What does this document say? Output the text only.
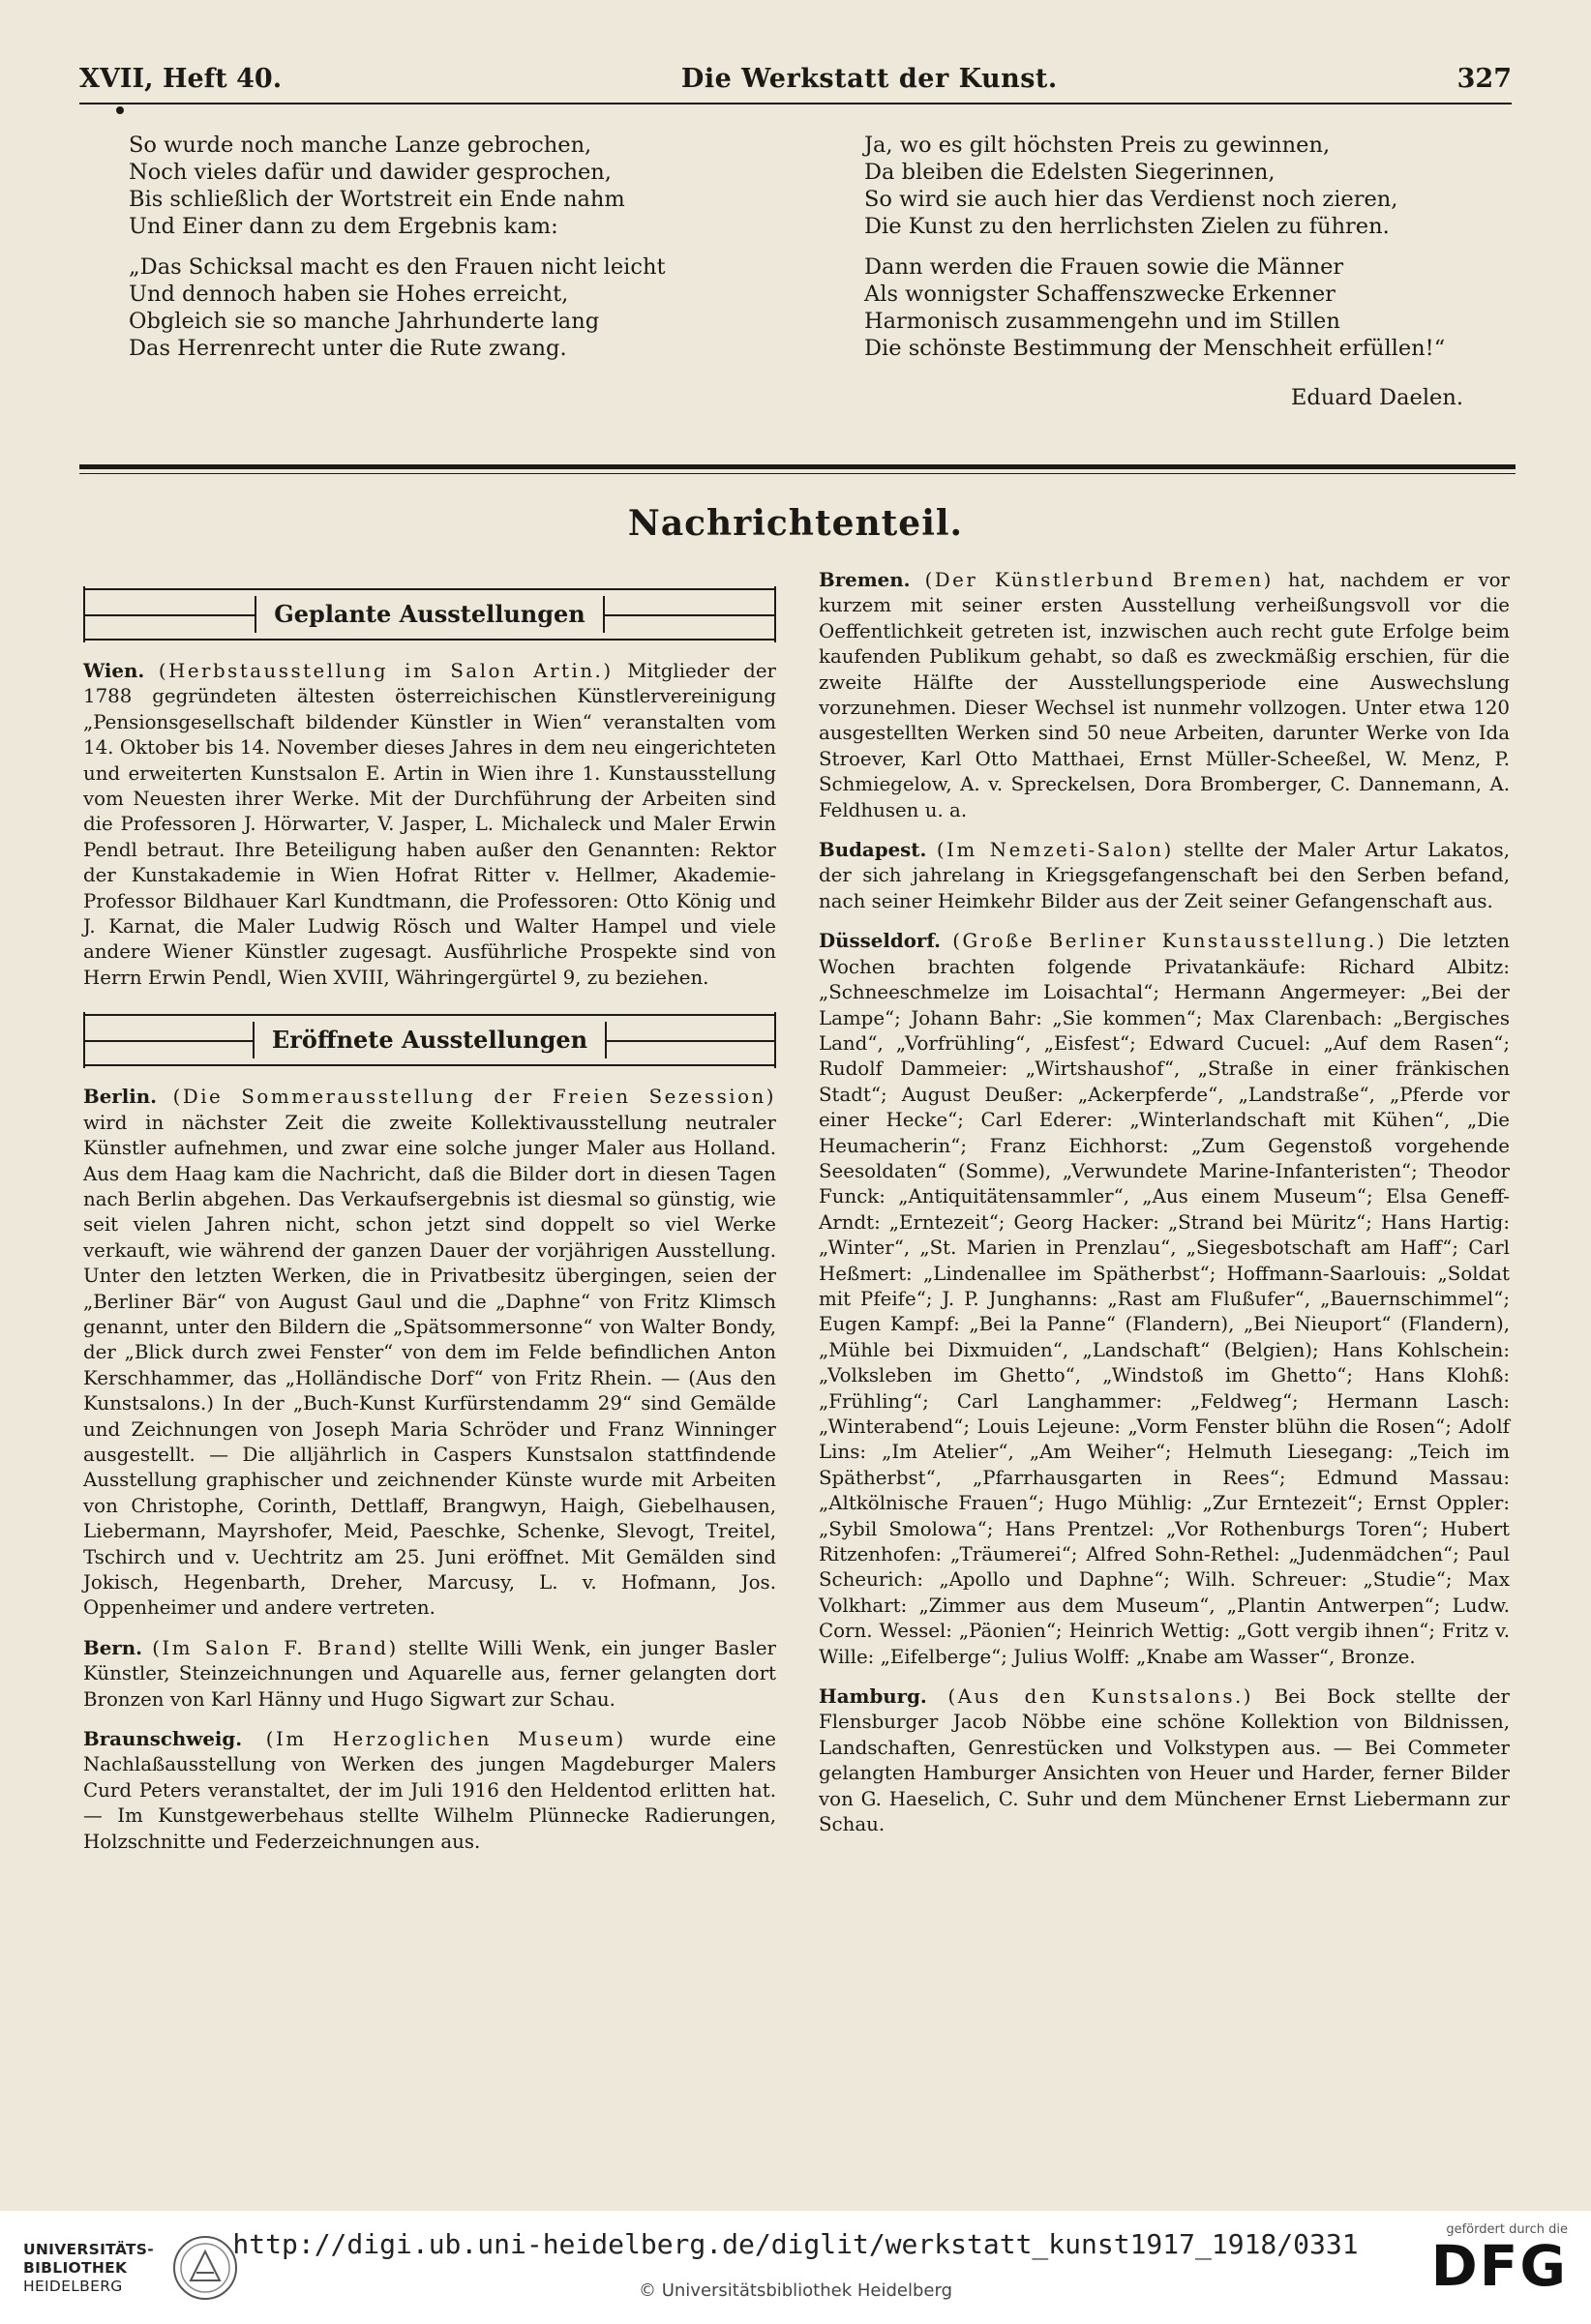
XVII, Heft 40.	Die Werkstatt der Kunst.	327
So wurde noch manche Lanze gebrochen,
Noch vieles dafür und dawider gesprochen,
Bis schließlich der Wortstreit ein Ende nahm
Und Einer dann zu dem Ergebnis kam:
„Das Schicksal macht es den Frauen nicht leicht
Und dennoch haben sie Hohes erreicht,
Obgleich sie so manche Jahrhunderte lang
Das Herrenrecht unter die Rute zwang.
Ja, wo es gilt höchsten Preis zu gewinnen,
Da bleiben die Edelsten Siegerinnen,
So wird sie auch hier das Verdienst noch zieren,
Die Kunst zu den herrlichsten Zielen zu führen.
Dann werden die Frauen sowie die Männer
Als wonnigster Schaffenszwecke Erkenner
Harmonisch zusammengehn und im Stillen
Die schönste Bestimmung der Menschheit erfüllen!“
Eduard Daelen.
Nachrichtenteil.
Geplante Ausstellungen

Wien. (Herbstausstellung im Salon Artin.) Mitglieder der 1788 gegründeten ältesten österreichischen Künstlervereinigung „Pensionsgesellschaft bildender Künstler in Wien“ veranstalten vom 14. Oktober bis 14. November dieses Jahres in dem neu eingerichteten und erweiterten Kunstsalon E. Artin in Wien ihre 1. Kunstausstellung vom Neuesten ihrer Werke. Mit der Durchführung der Arbeiten sind die Professoren J. Hörwarter, V. Jasper, L. Michaleck und Maler Erwin Pendl betraut. Ihre Beteiligung haben außer den Genannten: Rektor der Kunstakademie in Wien Hofrat Ritter v. Hellmer, Akademie-Professor Bildhauer Karl Kundtmann, die Professoren: Otto König und J. Karnat, die Maler Ludwig Rösch und Walter Hampel und viele andere Wiener Künstler zugesagt. Ausführliche Prospekte sind von Herrn Erwin Pendl, Wien XVIII, Währingergürtel 9, zu beziehen.

Eröffnete Ausstellungen

Berlin. (Die Sommerausstellung der Freien Sezession) wird in nächster Zeit die zweite Kollektivausstellung neutraler Künstler aufnehmen, und zwar eine solche junger Maler aus Holland. Aus dem Haag kam die Nachricht, daß die Bilder dort in diesen Tagen nach Berlin abgehen. Das Verkaufsergebnis ist diesmal so günstig, wie seit vielen Jahren nicht, schon jetzt sind doppelt so viel Werke verkauft, wie während der ganzen Dauer der vorjährigen Ausstellung. Unter den letzten Werken, die in Privatbesitz übergingen, seien der „Berliner Bär“ von August Gaul und die „Daphne“ von Fritz Klimsch genannt, unter den Bildern die „Spätsommersonne“ von Walter Bondy, der „Blick durch zwei Fenster“ von dem im Felde befindlichen Anton Kerschhammer, das „Holländische Dorf“ von Fritz Rhein. — (Aus den Kunstsalons.) In der „Buch-Kunst Kurfürstendamm 29“ sind Gemälde und Zeichnungen von Joseph Maria Schröder und Franz Winninger ausgestellt. — Die alljährlich in Caspers Kunstsalon stattfindende Ausstellung graphischer und zeichnender Künste wurde mit Arbeiten von Christophe, Corinth, Dettlaff, Brangwyn, Haigh, Giebelhausen, Liebermann, Mayrshofer, Meid, Paeschke, Schenke, Slevogt, Treitel, Tschirch und v. Uechtritz am 25. Juni eröffnet. Mit Gemälden sind Jokisch, Hegenbarth, Dreher, Marcusy, L. v. Hofmann, Jos. Oppenheimer und andere vertreten.

Bern. (Im Salon F. Brand) stellte Willi Wenk, ein junger Basler Künstler, Steinzeichnungen und Aquarelle aus, ferner gelangten dort Bronzen von Karl Hänny und Hugo Sigwart zur Schau.

Braunschweig. (Im Herzoglichen Museum) wurde eine Nachlaßausstellung von Werken des jungen Magdeburger Malers Curd Peters veranstaltet, der im Juli 1916 den Heldentod erlitten hat. — Im Kunstgewerbehaus stellte Wilhelm Plünnecke Radierungen, Holzschnitte und Federzeichnungen aus.

Bremen. (Der Künstlerbund Bremen) hat, nachdem er vor kurzem mit seiner ersten Ausstellung verheißungsvoll vor die Oeffentlichkeit getreten ist, inzwischen auch recht gute Erfolge beim kaufenden Publikum gehabt, so daß es zweckmäßig erschien, für die zweite Hälfte der Ausstellungsperiode eine Auswechslung vorzunehmen. Dieser Wechsel ist nunmehr vollzogen. Unter etwa 120 ausgestellten Werken sind 50 neue Arbeiten, darunter Werke von Ida Stroever, Karl Otto Matthaei, Ernst Müller-Scheeßel, W. Menz, P. Schmiegelow, A. v. Spreckelsen, Dora Bromberger, C. Dannemann, A. Feldhusen u. a.

Budapest. (Im Nemzeti-Salon) stellte der Maler Artur Lakatos, der sich jahrelang in Kriegsgefangenschaft bei den Serben befand, nach seiner Heimkehr Bilder aus der Zeit seiner Gefangenschaft aus.

Düsseldorf. (Große Berliner Kunstausstellung.) Die letzten Wochen brachten folgende Privatankäufe: Richard Albitz: „Schneeschmelze im Loisachtal“; Hermann Angermeyer: „Bei der Lampe“; Johann Bahr: „Sie kommen“; Max Clarenbach: „Bergisches Land“, „Vorfrühling“, „Eisfest“; Edward Cucuel: „Auf dem Rasen“; Rudolf Dammeier: „Wirtshaushof“, „Straße in einer fränkischen Stadt“; August Deußer: „Ackerpferde“, „Landstraße“, „Pferde vor einer Hecke“; Carl Ederer: „Winterlandschaft mit Kühen“, „Die Heumacherin“; Franz Eichhorst: „Zum Gegenstoß vorgehende Seesoldaten“ (Somme), „Verwundete Marine-Infanteristen“; Theodor Funck: „Antiquitätensammler“, „Aus einem Museum“; Elsa Geneff-Arndt: „Erntezeit“; Georg Hacker: „Strand bei Müritz“; Hans Hartig: „Winter“, „St. Marien in Prenzlau“, „Siegesbotschaft am Haff“; Carl Heßmert: „Lindenallee im Spätherbst“; Hoffmann-Saarlouis: „Soldat mit Pfeife“; J. P. Junghanns: „Rast am Flußufer“, „Bauernschimmel“; Eugen Kampf: „Bei la Panne“ (Flandern), „Bei Nieuport“ (Flandern), „Mühle bei Dixmuiden“, „Landschaft“ (Belgien); Hans Kohlschein: „Volksleben im Ghetto“, „Windstoß im Ghetto“; Hans Klohß: „Frühling“; Carl Langhammer: „Feldweg“; Hermann Lasch: „Winterabend“; Louis Lejeune: „Vorm Fenster blühn die Rosen“; Adolf Lins: „Im Atelier“, „Am Weiher“; Helmuth Liesegang: „Teich im Spätherbst“, „Pfarrhausgarten in Rees“; Edmund Massau: „Altkölnische Frauen“; Hugo Mühlig: „Zur Erntezeit“; Ernst Oppler: „Sybil Smolowa“; Hans Prentzel: „Vor Rothenburgs Toren“; Hubert Ritzenhofen: „Träumerei“; Alfred Sohn-Rethel: „Judenmädchen“; Paul Scheurich: „Apollo und Daphne“; Wilh. Schreuer: „Studie“; Max Volkhart: „Zimmer aus dem Museum“, „Plantin Antwerpen“; Ludw. Corn. Wessel: „Päonien“; Heinrich Wettig: „Gott vergib ihnen“; Fritz v. Wille: „Eifelberge“; Julius Wolff: „Knabe am Wasser“, Bronze.

Hamburg. (Aus den Kunstsalons.) Bei Bock stellte der Flensburger Jacob Nöbbe eine schöne Kollektion von Bildnissen, Landschaften, Genrestücken und Volkstypen aus. — Bei Commeter gelangten Hamburger Ansichten von Heuer und Harder, ferner Bilder von G. Haeselich, C. Suhr und dem Münchener Ernst Liebermann zur Schau.

UNIVERSITÄTS-
BIBLIOTHEK
HEIDELBERG
http://digi.ub.uni-heidelberg.de/diglit/werkstatt_kunst1917_1918/0331
© Universitätsbibliothek Heidelberg
gefördert durch die
DFG
